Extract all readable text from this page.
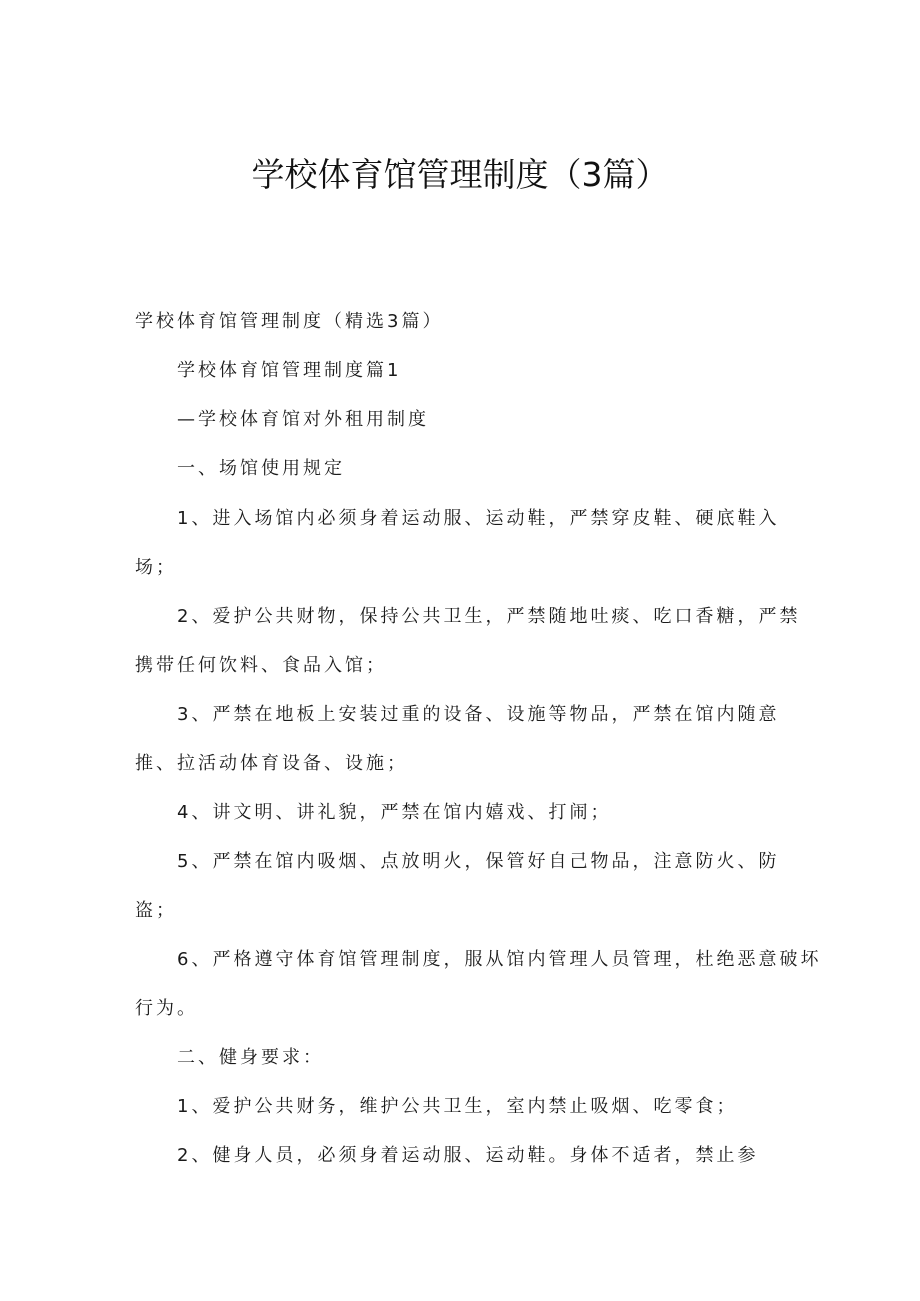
学校体育馆管理制度（3篇）
学校体育馆管理制度（精选3篇）
学校体育馆管理制度篇1
—学校体育馆对外租用制度
一、场馆使用规定
1、进入场馆内必须身着运动服、运动鞋，严禁穿皮鞋、硬底鞋入
场；
2、爱护公共财物，保持公共卫生，严禁随地吐痰、吃口香糖，严禁
携带任何饮料、食品入馆；
3、严禁在地板上安装过重的设备、设施等物品，严禁在馆内随意
推、拉活动体育设备、设施；
4、讲文明、讲礼貌，严禁在馆内嬉戏、打闹；
5、严禁在馆内吸烟、点放明火，保管好自己物品，注意防火、防
盗；
6、严格遵守体育馆管理制度，服从馆内管理人员管理，杜绝恶意破坏
行为。
二、健身要求：
1、爱护公共财务，维护公共卫生，室内禁止吸烟、吃零食；
2、健身人员，必须身着运动服、运动鞋。身体不适者，禁止参
